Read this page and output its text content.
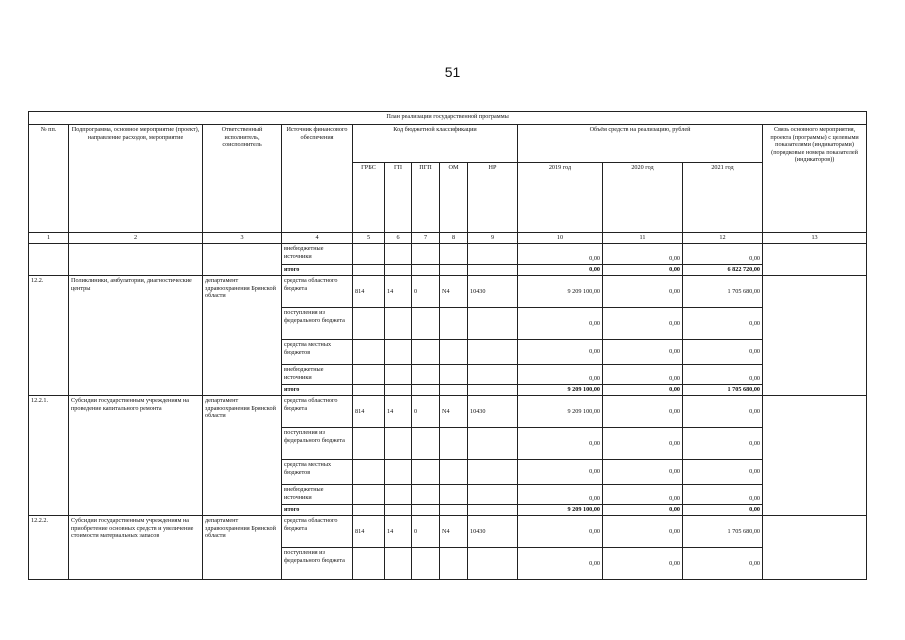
51
План реализации государственной программы												
№ пп.	Подпрограмма, основное мероприятие (проект), направление расходов, мероприятие	Ответственный исполнитель, соисполнитель	Источник финансового обеспечения	Код бюджетной классификации					Объём средств на реализацию, рублей			Связь основного мероприятия, проекта (программы) с целевыми показателями (индикаторами) (порядковые номера показателей (индикаторов))
				ГРБС	ГП	ПГП	ОМ	НР	2019 год	2020 год	2021 год	
1	2	3	4	5	6	7	8	9	10	11	12	13
			внебюджетные источники						0,00	0,00	0,00	
			итого						0,00	0,00	6 822 720,00	
12.2.	Поликлиники, амбулатории, диагностические центры	департамент здравоохранения Брянской области	средства областного бюджета	814	14	0	N4	10430	9 209 100,00	0,00	1 705 680,00	
			поступления из федерального бюджета						0,00	0,00	0,00	
			средства местных бюджетов						0,00	0,00	0,00	
			внебюджетные источники						0,00	0,00	0,00	
			итого						9 209 100,00	0,00	1 705 680,00	
12.2.1.	Субсидии государственным учреждениям на проведение капитального ремонта	департамент здравоохранения Брянской области	средства областного бюджета	814	14	0	N4	10430	9 209 100,00	0,00	0,00	
			поступления из федерального бюджета						0,00	0,00	0,00	
			средства местных бюджетов						0,00	0,00	0,00	
			внебюджетные источники						0,00	0,00	0,00	
			итого						9 209 100,00	0,00	0,00	
12.2.2.	Субсидии государственным учреждениям на приобретение основных средств и увеличение стоимости материальных запасов	департамент здравоохранения Брянской области	средства областного бюджета	814	14	0	N4	10430	0,00	0,00	1 705 680,00	
			поступления из федерального бюджета						0,00	0,00	0,00	
